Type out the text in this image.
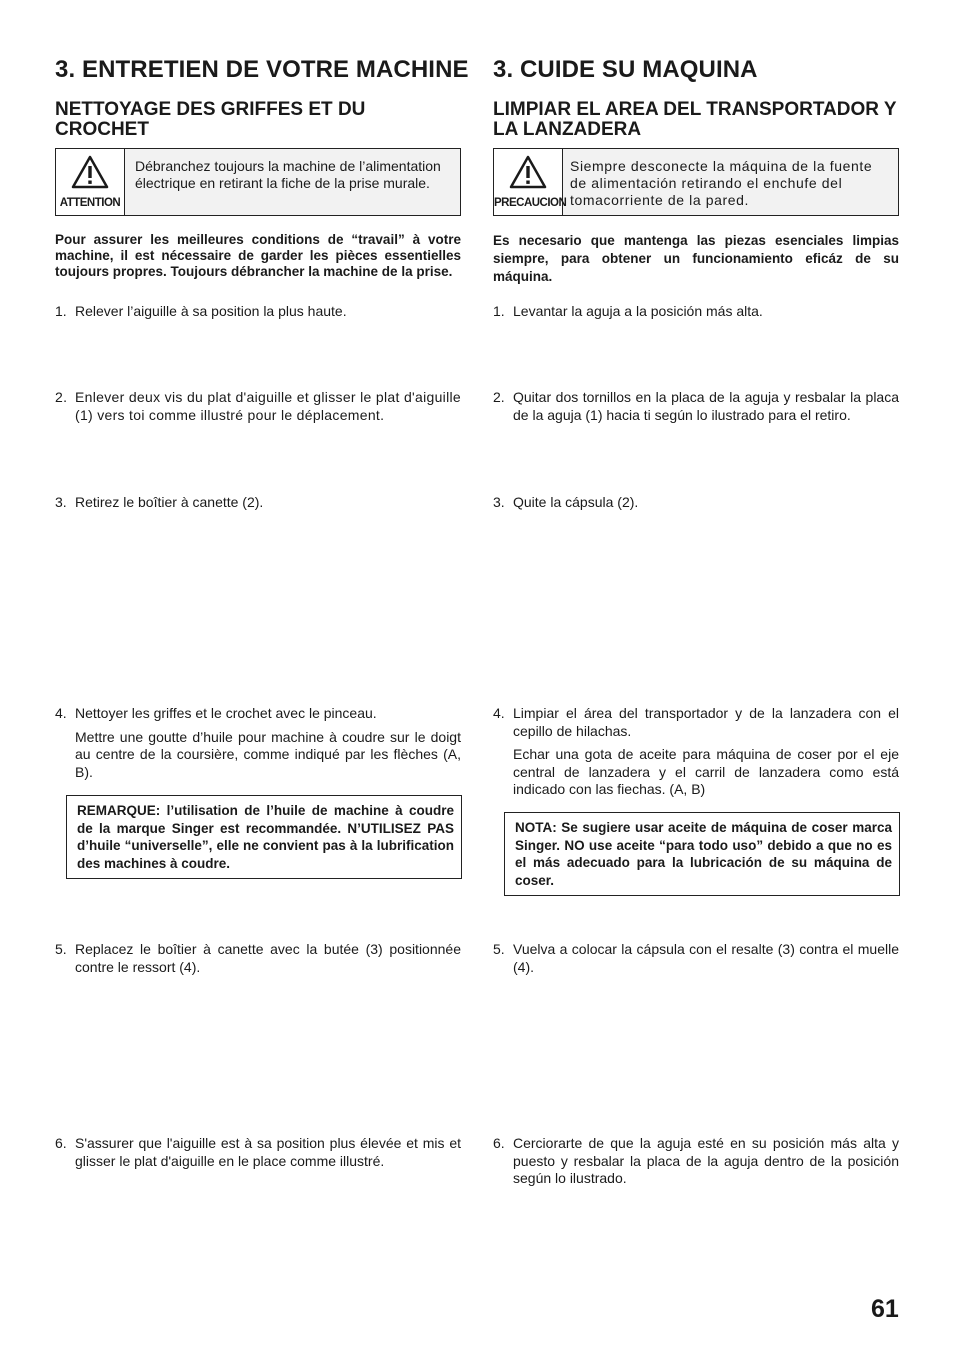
3. ENTRETIEN DE VOTRE MACHINE
NETTOYAGE DES GRIFFES ET DU CROCHET
ATTENTION
Débranchez toujours la machine de l’alimentation électrique en retirant la fiche de la prise murale.

Pour assurer les meilleures conditions de “travail” à votre machine, il est nécessaire de garder les pièces essentielles toujours propres. Toujours débrancher la machine de la prise.

1. Relever l’aiguille à sa position la plus haute.

2. Enlever deux vis du plat d'aiguille et glisser le plat d'aiguille (1) vers toi comme illustré pour le déplacement.

3. Retirez le boîtier à canette (2).

4. Nettoyer les griffes et le crochet avec le pinceau.

Mettre une goutte d’huile pour machine à coudre sur le doigt au centre de la coursière, comme indiqué par les flèches (A, B).

REMARQUE: l’utilisation de l’huile de machine à coudre de la marque Singer est recommandée. N’UTILISEZ PAS d’huile “universelle”, elle ne convient pas à la lubrification des machines à coudre.
5. Replacez le boîtier à canette avec la butée (3) positionnée contre le ressort (4).

6. S'assurer que l'aiguille est à sa position plus élevée et mis et glisser le plat d'aiguille en le place comme illustré.

3. CUIDE SU MAQUINA
LIMPIAR EL AREA DEL TRANSPORTADOR Y LA LANZADERA
PRECAUCION
Siempre desconecte la máquina de la fuente de alimentación retirando el enchufe del tomacorriente de la pared.

Es necesario que mantenga las piezas esenciales limpias siempre, para obtener un funcionamiento eficáz de su máquina.

1. Levantar la aguja a la posición más alta.

2. Quitar dos tornillos en la placa de la aguja y resbalar la placa de la aguja (1) hacia ti según lo ilustrado para el retiro.

3. Quite la cápsula (2).

4. Limpiar el área del transportador y de la lanzadera con el cepillo de hilachas.

Echar una gota de aceite para máquina de coser por el eje central de lanzadera y el carril de lanzadera como está indicado con las fiechas. (A, B)

NOTA: Se sugiere usar aceite de máquina de coser marca Singer. NO use aceite “para todo uso” debido a que no es el más adecuado para la lubricación de su máquina de coser.
5. Vuelva a colocar la cápsula con el resalte (3) contra el muelle (4).

6. Cerciorarte de que la aguja esté en su posición más alta y puesto y resbalar la placa de la aguja dentro de la posición según lo ilustrado.

61
